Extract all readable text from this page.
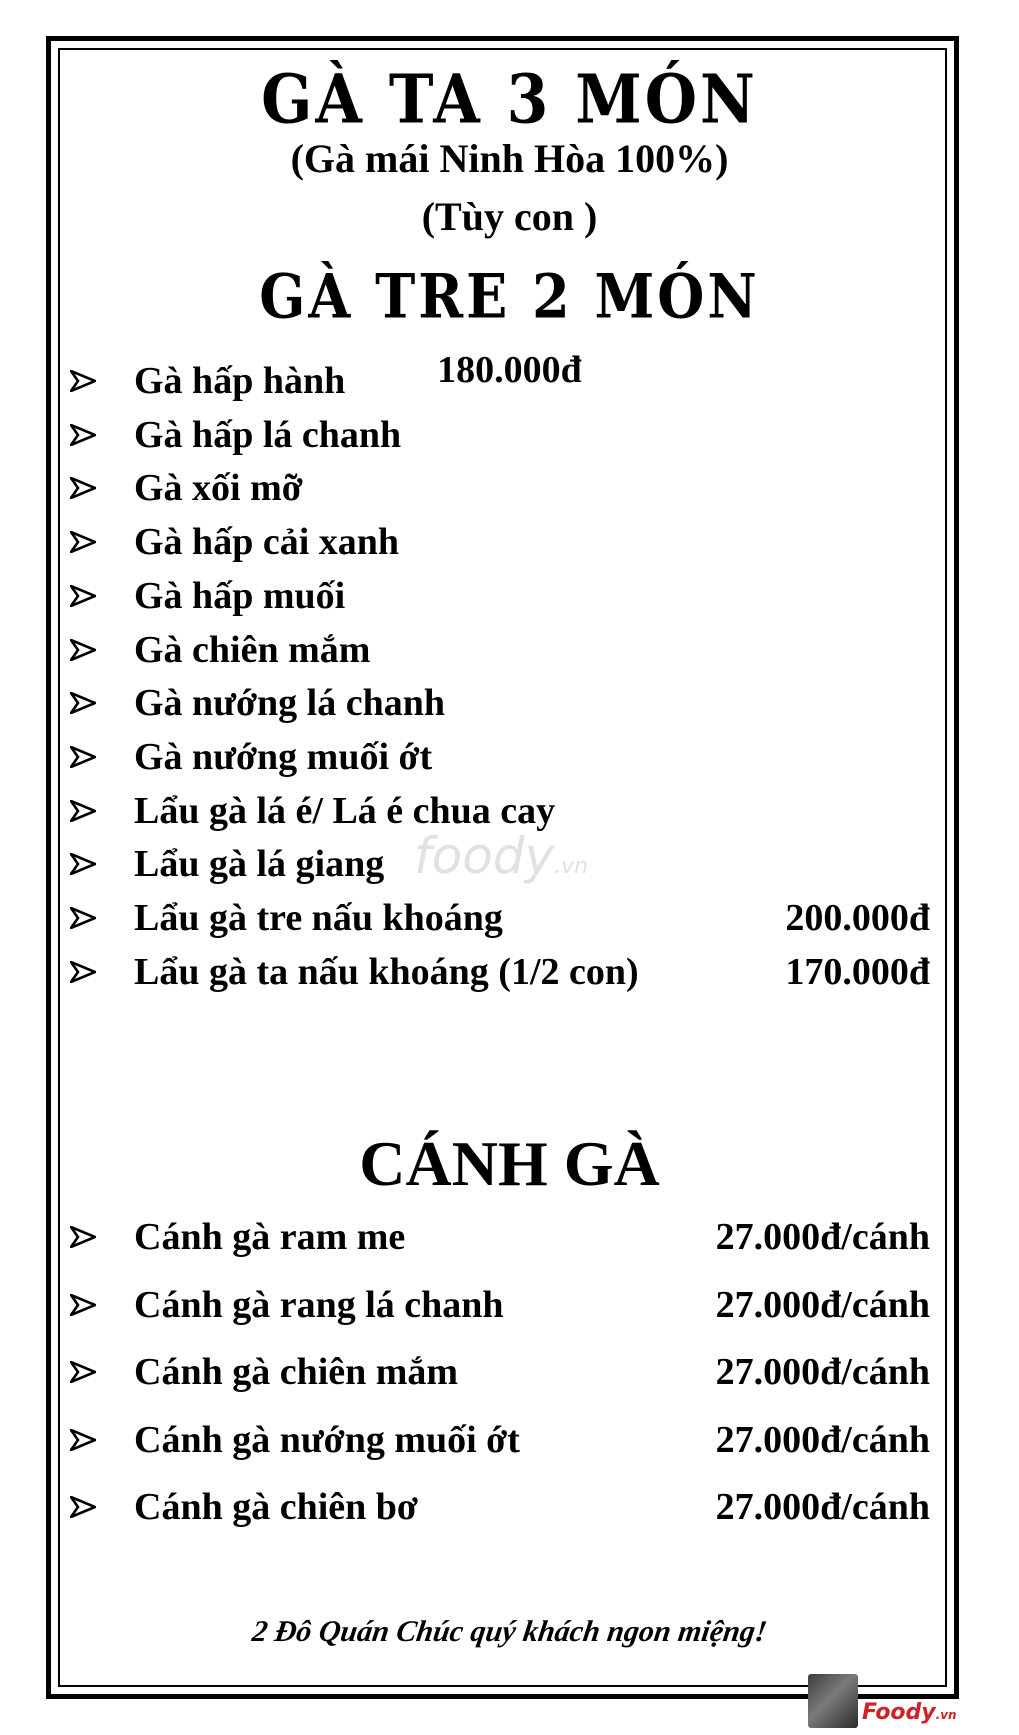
GÀ TA 3 MÓN
(Gà mái Ninh Hòa 100%)
(Tùy con )
GÀ TRE 2 MÓN
180.000đ
foody.vn
Gà hấp hành
Gà hấp lá chanh
Gà xối mỡ
Gà hấp cải xanh
Gà hấp muối
Gà chiên mắm
Gà nướng lá chanh
Gà nướng muối ớt
Lẩu gà lá é/ Lá é chua cay
Lẩu gà lá giang
Lẩu gà tre nấu khoáng	200.000đ
Lẩu gà ta nấu khoáng (1/2 con)	170.000đ
CÁNH GÀ
Cánh gà ram me	27.000đ/cánh
Cánh gà rang lá chanh	27.000đ/cánh
Cánh gà chiên mắm	27.000đ/cánh
Cánh gà nướng muối ớt	27.000đ/cánh
Cánh gà chiên bơ	27.000đ/cánh
2 Đô Quán Chúc quý khách ngon miệng!
Foody.vn
